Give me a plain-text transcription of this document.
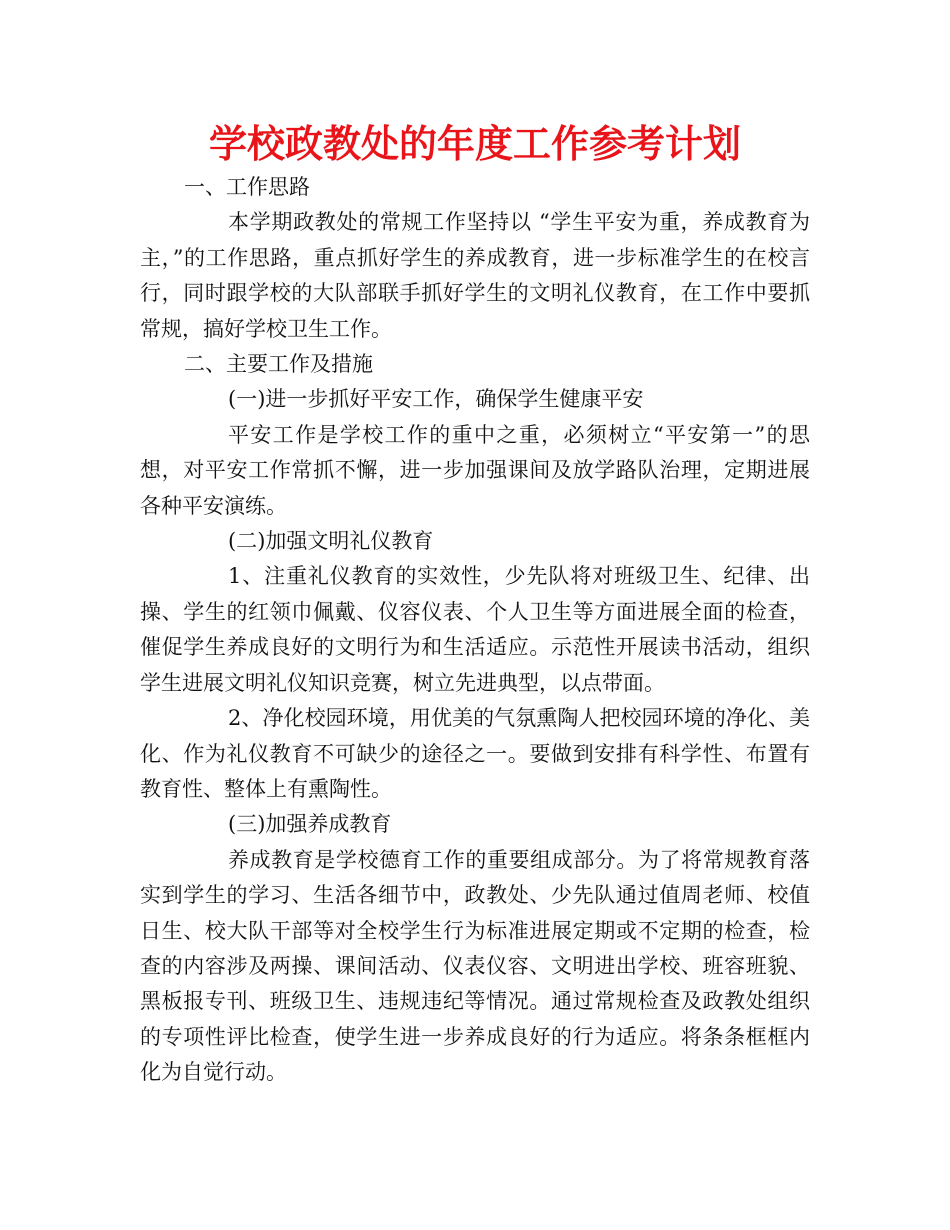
学校政教处的年度工作参考计划

一、工作思路

本学期政教处的常规工作坚持以 “学生平安为重，养成教育为主，”的工作思路，重点抓好学生的养成教育，进一步标准学生的在校言行，同时跟学校的大队部联手抓好学生的文明礼仪教育，在工作中要抓常规，搞好学校卫生工作。

二、主要工作及措施

(一)进一步抓好平安工作，确保学生健康平安

平安工作是学校工作的重中之重，必须树立“平安第一”的思想，对平安工作常抓不懈，进一步加强课间及放学路队治理，定期进展各种平安演练。

(二)加强文明礼仪教育

1、注重礼仪教育的实效性，少先队将对班级卫生、纪律、出操、学生的红领巾佩戴、仪容仪表、个人卫生等方面进展全面的检查，催促学生养成良好的文明行为和生活适应。示范性开展读书活动，组织学生进展文明礼仪知识竞赛，树立先进典型，以点带面。

2、净化校园环境，用优美的气氛熏陶人把校园环境的净化、美化、作为礼仪教育不可缺少的途径之一。要做到安排有科学性、布置有教育性、整体上有熏陶性。

(三)加强养成教育

养成教育是学校德育工作的重要组成部分。为了将常规教育落实到学生的学习、生活各细节中，政教处、少先队通过值周老师、校值日生、校大队干部等对全校学生行为标准进展定期或不定期的检查，检查的内容涉及两操、课间活动、仪表仪容、文明进出学校、班容班貌、黑板报专刊、班级卫生、违规违纪等情况。通过常规检查及政教处组织的专项性评比检查，使学生进一步养成良好的行为适应。将条条框框内化为自觉行动。
